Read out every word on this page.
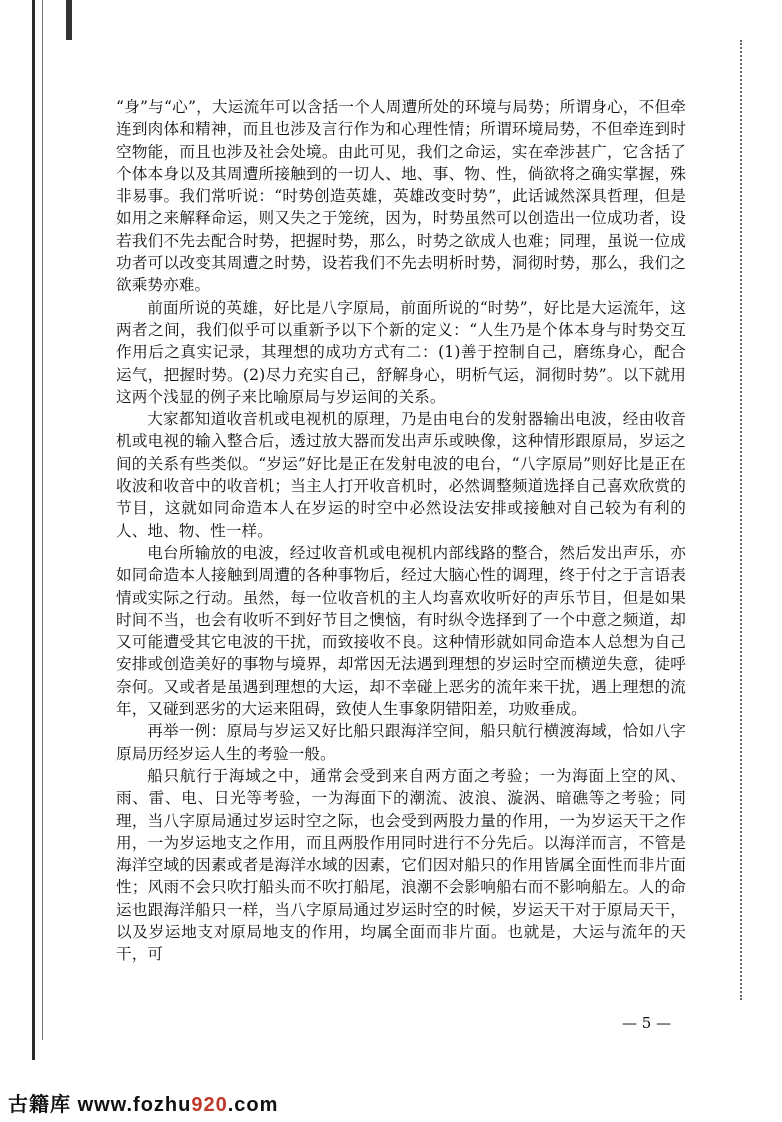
“身”与“心”，大运流年可以含括一个人周遭所处的环境与局势；所谓身心，不但牵连到肉体和精神，而且也涉及言行作为和心理性情；所谓环境局势，不但牵连到时空物能，而且也涉及社会处境。由此可见，我们之命运，实在牵涉甚广，它含括了个体本身以及其周遭所接触到的一切人、地、事、物、性，倘欲将之确实掌握，殊非易事。我们常听说：“时势创造英雄，英雄改变时势”，此话诚然深具哲理，但是如用之来解释命运，则又失之于笼统，因为，时势虽然可以创造出一位成功者，设若我们不先去配合时势，把握时势，那么，时势之欲成人也难；同理，虽说一位成功者可以改变其周遭之时势，设若我们不先去明析时势，洞彻时势，那么，我们之欲乘势亦难。

前面所说的英雄，好比是八字原局，前面所说的“时势”，好比是大运流年，这两者之间，我们似乎可以重新予以下个新的定义：“人生乃是个体本身与时势交互作用后之真实记录，其理想的成功方式有二：(1)善于控制自己，磨练身心，配合运气，把握时势。(2)尽力充实自己，舒解身心，明析气运，洞彻时势”。以下就用这两个浅显的例子来比喻原局与岁运间的关系。

大家都知道收音机或电视机的原理，乃是由电台的发射器输出电波，经由收音机或电视的输入整合后，透过放大器而发出声乐或映像，这种情形跟原局，岁运之间的关系有些类似。“岁运”好比是正在发射电波的电台，“八字原局”则好比是正在收波和收音中的收音机；当主人打开收音机时，必然调整频道选择自己喜欢欣赏的节目，这就如同命造本人在岁运的时空中必然设法安排或接触对自己较为有利的人、地、物、性一样。

电台所输放的电波，经过收音机或电视机内部线路的整合，然后发出声乐，亦如同命造本人接触到周遭的各种事物后，经过大脑心性的调理，终于付之于言语表情或实际之行动。虽然，每一位收音机的主人均喜欢收听好的声乐节目，但是如果时间不当，也会有收听不到好节目之懊恼，有时纵令选择到了一个中意之频道，却又可能遭受其它电波的干扰，而致接收不良。这种情形就如同命造本人总想为自己安排或创造美好的事物与境界，却常因无法遇到理想的岁运时空而横逆失意，徒呼奈何。又或者是虽遇到理想的大运，却不幸碰上恶劣的流年来干扰，遇上理想的流年，又碰到恶劣的大运来阻碍，致使人生事象阴错阳差，功败垂成。

再举一例：原局与岁运又好比船只跟海洋空间，船只航行横渡海域，恰如八字原局历经岁运人生的考验一般。

船只航行于海域之中，通常会受到来自两方面之考验；一为海面上空的风、雨、雷、电、日光等考验，一为海面下的潮流、波浪、漩涡、暗礁等之考验；同理，当八字原局通过岁运时空之际，也会受到两股力量的作用，一为岁运天干之作用，一为岁运地支之作用，而且两股作用同时进行不分先后。以海洋而言，不管是海洋空域的因素或者是海洋水域的因素，它们因对船只的作用皆属全面性而非片面性；风雨不会只吹打船头而不吹打船尾，浪潮不会影响船右而不影响船左。人的命运也跟海洋船只一样，当八字原局通过岁运时空的时候，岁运天干对于原局天干，以及岁运地支对原局地支的作用，均属全面而非片面。也就是，大运与流年的天干，可

— 5 —
古籍库 www.fozhu920.com
